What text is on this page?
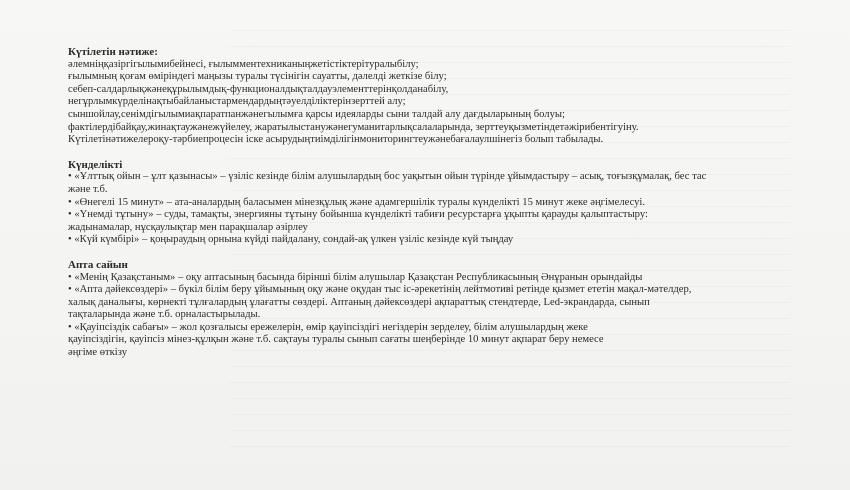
Күтілетін нәтиже:
әлемніңқазіргігылымибейнесі, ғылымментехниканыңжетістіктерітуралыбілу;
ғылымның қоғам өміріндегі маңызы туралы түсінігін сауатты, дәлелді жеткізе білу;
себеп-салдарлықжәнеқұрылымдық-функционалдықталдауэлементтерінқолданабілу,
негұрлымкүрделінақтыбайланыстармендардыңтәуелділіктерінзерттей алу;
сыншойлау,сенімдігылымиақпаратпанжәнегылымға қарсы идеяларды сыни талдай алу дағдыларының болуы;
фактілердібайқау,жинақтаужәнежүйелеу, жаратылыстанужәнегуманитарлықсалаларында, зерттеуқызметіндетәжірибентігуіну.
Күтілетінәтижелероқу-тәрбиепроцесін іске асырудыңтиімділігінмониторингтеужәнебағалаулшінегіз болып табылады.
Күнделікті
• «Ұлттық ойын – ұлт қазынасы» – үзіліс кезінде білім алушылардың бос уақытын ойын түрінде ұйымдастыру – асық, тоғызқұмалақ, бес тас
және т.б.
• «Өнегелі 15 минут» – ата-аналардың баласымен мінезқұлық және адамгершілік туралы күнделікті 15 минут жеке әңгімелесуі.
• «Үнемді тұтыну» – суды, тамақты, энергияны тұтыну бойынша күнделікті табиғи ресурстарға ұқыпты қарауды қалыптастыру:
жадынамалар, нұсқаулықтар мен парақшалар әзірлеу
• «Күй күмбірі» – қоңыраудың орнына күйді пайдалану, сондай-ақ үлкен үзіліс кезінде күй тыңдау
Апта сайын
• «Менің Қазақстаным» – оқу аптасының басында бірінші білім алушылар Қазақстан Республикасының Әнұранын орындайды
• «Апта дәйексөздері» – бүкіл білім беру ұйымының оқу және оқудан тыс іс-әрекетінің лейтмотиві ретінде қызмет ететін мақал-мәтелдер,
халық даналығы, көрнекті тұлғалардың ұлағатты сөздері. Аптаның дәйексөздері ақпараттық стендтерде, Led-экрандарда, сынып
тақталарында және т.б. орналастырылады.
• «Қауіпсіздік сабағы» – жол қозғалысы ережелерін, өмір қауіпсіздігі негіздерін зерделеу, білім алушылардың жеке
қауіпсіздігін, қауіпсіз мінез-құлқын және т.б. сақтауы туралы сынып сағаты шеңберінде 10 минут ақпарат беру немесе
әңгіме өткізу
